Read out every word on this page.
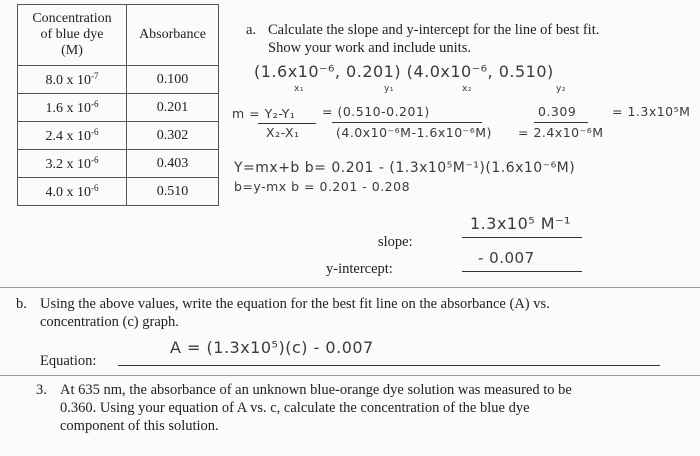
Concentration
of blue dye
(M)	Absorbance
8.0 x $10^{-7}$	0.100
1.6 x $10^{-6}$	0.201
2.4 x $10^{-6}$	0.302
3.2 x $10^{-6}$	0.403
4.0 x $10^{-6}$	0.510
a. Calculate the slope and y-intercept for the line of best fit.
Show your work and include units.
(1.6x10⁻⁶, 0.201) (4.0x10⁻⁶, 0.510)
x₁	y₁	x₂	y₂
m = Y₂-Y₁
X₂-X₁
= (0.510-0.201)
(4.0x10⁻⁶M-1.6x10⁻⁶M)
0.309
= 2.4x10⁻⁶M
= 1.3x10⁵M
Y=mx+b b= 0.201 - (1.3x10⁵M⁻¹)(1.6x10⁻⁶M)
b=y-mx b = 0.201 - 0.208
slope:
1.3x10⁵ M⁻¹
y-intercept:
- 0.007
b. Using the above values, write the equation for the best fit line on the absorbance (A) vs.
concentration (c) graph.
Equation:
A = (1.3x10⁵)(c) - 0.007
3. At 635 nm, the absorbance of an unknown blue-orange dye solution was measured to be
0.360. Using your equation of A vs. c, calculate the concentration of the blue dye
component of this solution.
